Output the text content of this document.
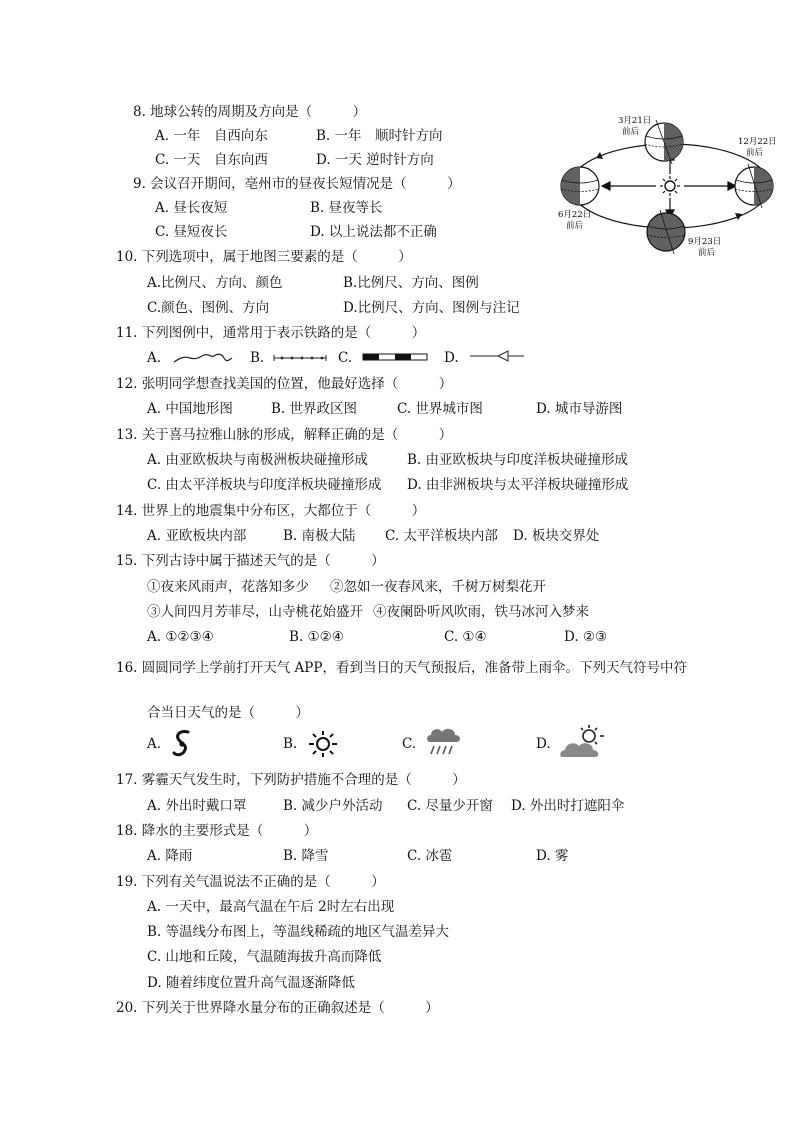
8. 地球公转的周期及方向是（　　　）
A. 一年　自西向东	B. 一年　顺时针方向
C. 一天　自东向西	D. 一天 逆时针方向
9. 会议召开期间，亳州市的昼夜长短情况是（　　　）
A. 昼长夜短	B. 昼夜等长
C. 昼短夜长	D. 以上说法都不正确
10. 下列选项中，属于地图三要素的是（　　　）
A.比例尺、方向、颜色	B.比例尺、方向、图例
C.颜色、图例、方向	D.比例尺、方向、图例与注记
11. 下列图例中，通常用于表示铁路的是（　　　）
A.	B.	C.	D.
12. 张明同学想查找美国的位置，他最好选择（　　　）
A. 中国地形图	B. 世界政区图	C. 世界城市图	D. 城市导游图
13. 关于喜马拉雅山脉的形成，解释正确的是（　　　）
A. 由亚欧板块与南极洲板块碰撞形成	B. 由亚欧板块与印度洋板块碰撞形成
C. 由太平洋板块与印度洋板块碰撞形成 D. 由非洲板块与太平洋板块碰撞形成
14. 世界上的地震集中分布区，大都位于（　　　）
A. 亚欧板块内部	B. 南极大陆 C. 太平洋板块内部 D. 板块交界处
15. 下列古诗中属于描述天气的是（　　　）
①夜来风雨声，花落知多少 ②忽如一夜春风来，千树万树梨花开
③人间四月芳菲尽，山寺桃花始盛开 ④夜阑卧听风吹雨，铁马冰河入梦来
A. ①②③④	B. ①②④	C. ①④	D. ②③
16. 圆圆同学上学前打开天气 APP，看到当日的天气预报后，准备带上雨伞。下列天气符号中符
合当日天气的是（　　　）
A.	B.	C.	D.
17. 雾霾天气发生时，下列防护措施不合理的是（　　　）
A. 外出时戴口罩	B. 减少户外活动 C. 尽量少开窗 D. 外出时打遮阳伞
18. 降水的主要形式是（　　　）
A. 降雨	B. 降雪	C. 冰雹	D. 雾
19. 下列有关气温说法不正确的是（　　　）
A. 一天中，最高气温在午后 2时左右出现
B. 等温线分布图上，等温线稀疏的地区气温差异大
C. 山地和丘陵，气温随海拔升高而降低
D. 随着纬度位置升高气温逐渐降低
20. 下列关于世界降水量分布的正确叙述是（　　　）
3月21日
前后
12月22日
前后
6月22日
前后
9月23日
前后
